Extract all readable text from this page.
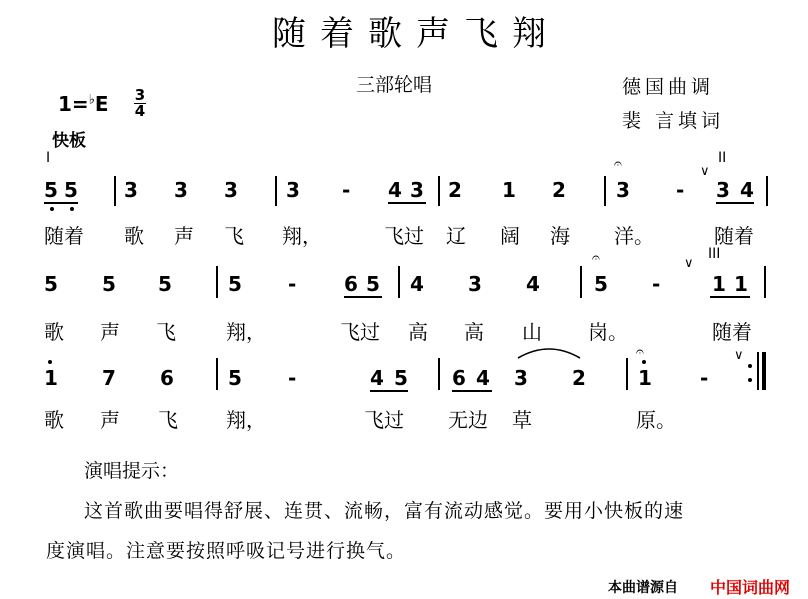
随着歌声飞翔
三部轮唱	德国曲调
裴 言填词
1=♭E 3
4
快板
I	II
∨
𝄐
5 5 3 3 3 3 - 4 3 2 1 2	3 - 3 4
随着 歌 声 飞 翔，	飞过 辽 阔 海 洋。	随着
III
∨
𝄐
5 5 5	5 - 6 5 4 3 4	5 -	1 1
歌 声 飞	翔，	飞过 高 高 山 岗。	随着
∨
𝄐
1 7 6	5 -	4 5 6 4 3 2	1 -
歌 声 飞 翔，	飞过 无边 草	原。
演唱提示：
这首歌曲要唱得舒展、连贯、流畅，富有流动感觉。要用小快板的速
度演唱。注意要按照呼吸记号进行换气。
本曲谱源自 中国词曲网
